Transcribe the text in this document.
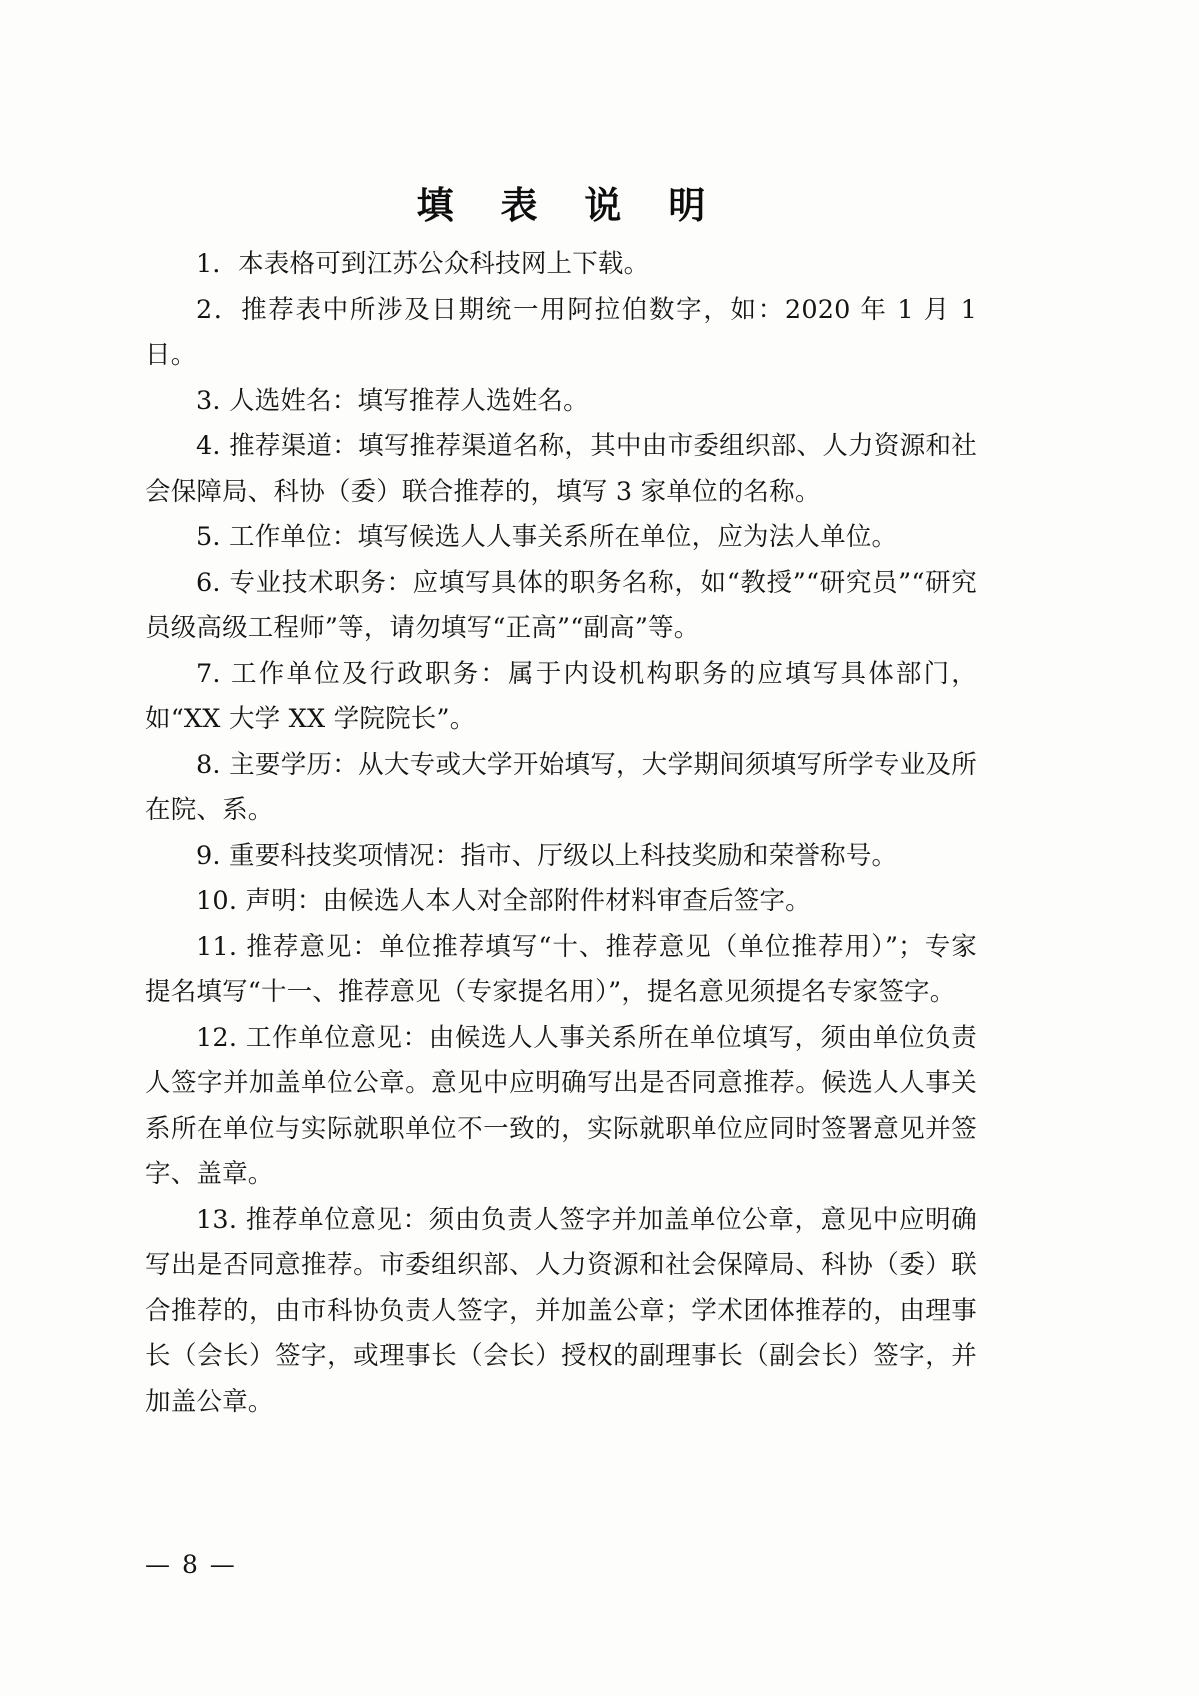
填 表 说 明

1．本表格可到江苏公众科技网上下载。

2．推荐表中所涉及日期统一用阿拉伯数字，如：2020 年 1 月 1 日。

3. 人选姓名：填写推荐人选姓名。

4. 推荐渠道：填写推荐渠道名称，其中由市委组织部、人力资源和社会保障局、科协（委）联合推荐的，填写 3 家单位的名称。

5. 工作单位：填写候选人人事关系所在单位，应为法人单位。

6. 专业技术职务：应填写具体的职务名称，如“教授”“研究员”“研究员级高级工程师”等，请勿填写“正高”“副高”等。

7. 工作单位及行政职务：属于内设机构职务的应填写具体部门，如“XX 大学 XX 学院院长”。

8. 主要学历：从大专或大学开始填写，大学期间须填写所学专业及所在院、系。

9. 重要科技奖项情况：指市、厅级以上科技奖励和荣誉称号。

10. 声明：由候选人本人对全部附件材料审查后签字。

11. 推荐意见：单位推荐填写“十、推荐意见（单位推荐用）”；专家提名填写“十一、推荐意见（专家提名用）”，提名意见须提名专家签字。

12. 工作单位意见：由候选人人事关系所在单位填写，须由单位负责人签字并加盖单位公章。意见中应明确写出是否同意推荐。候选人人事关系所在单位与实际就职单位不一致的，实际就职单位应同时签署意见并签字、盖章。

13. 推荐单位意见：须由负责人签字并加盖单位公章，意见中应明确写出是否同意推荐。市委组织部、人力资源和社会保障局、科协（委）联合推荐的，由市科协负责人签字，并加盖公章；学术团体推荐的，由理事长（会长）签字，或理事长（会长）授权的副理事长（副会长）签字，并加盖公章。

— 8 —
